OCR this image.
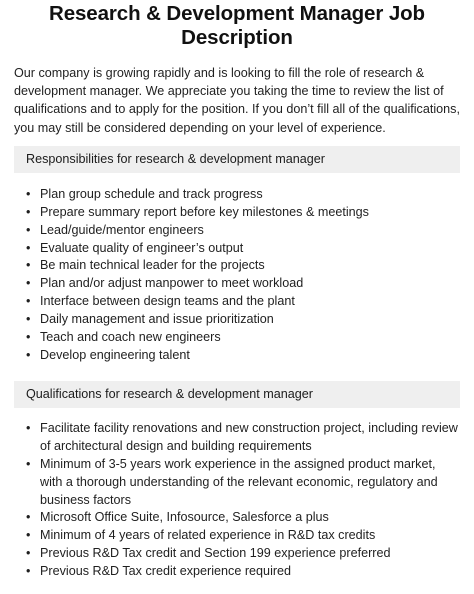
Research & Development Manager Job Description

Our company is growing rapidly and is looking to fill the role of research & development manager. We appreciate you taking the time to review the list of qualifications and to apply for the position. If you don’t fill all of the qualifications, you may still be considered depending on your level of experience.

Responsibilities for research & development manager
• Plan group schedule and track progress
• Prepare summary report before key milestones & meetings
• Lead/guide/mentor engineers
• Evaluate quality of engineer’s output
• Be main technical leader for the projects
• Plan and/or adjust manpower to meet workload
• Interface between design teams and the plant
• Daily management and issue prioritization
• Teach and coach new engineers
• Develop engineering talent
Qualifications for research & development manager
• Facilitate facility renovations and new construction project, including review of architectural design and building requirements
• Minimum of 3-5 years work experience in the assigned product market, with a thorough understanding of the relevant economic, regulatory and business factors
• Microsoft Office Suite, Infosource, Salesforce a plus
• Minimum of 4 years of related experience in R&D tax credits
• Previous R&D Tax credit and Section 199 experience preferred
• Previous R&D Tax credit experience required
